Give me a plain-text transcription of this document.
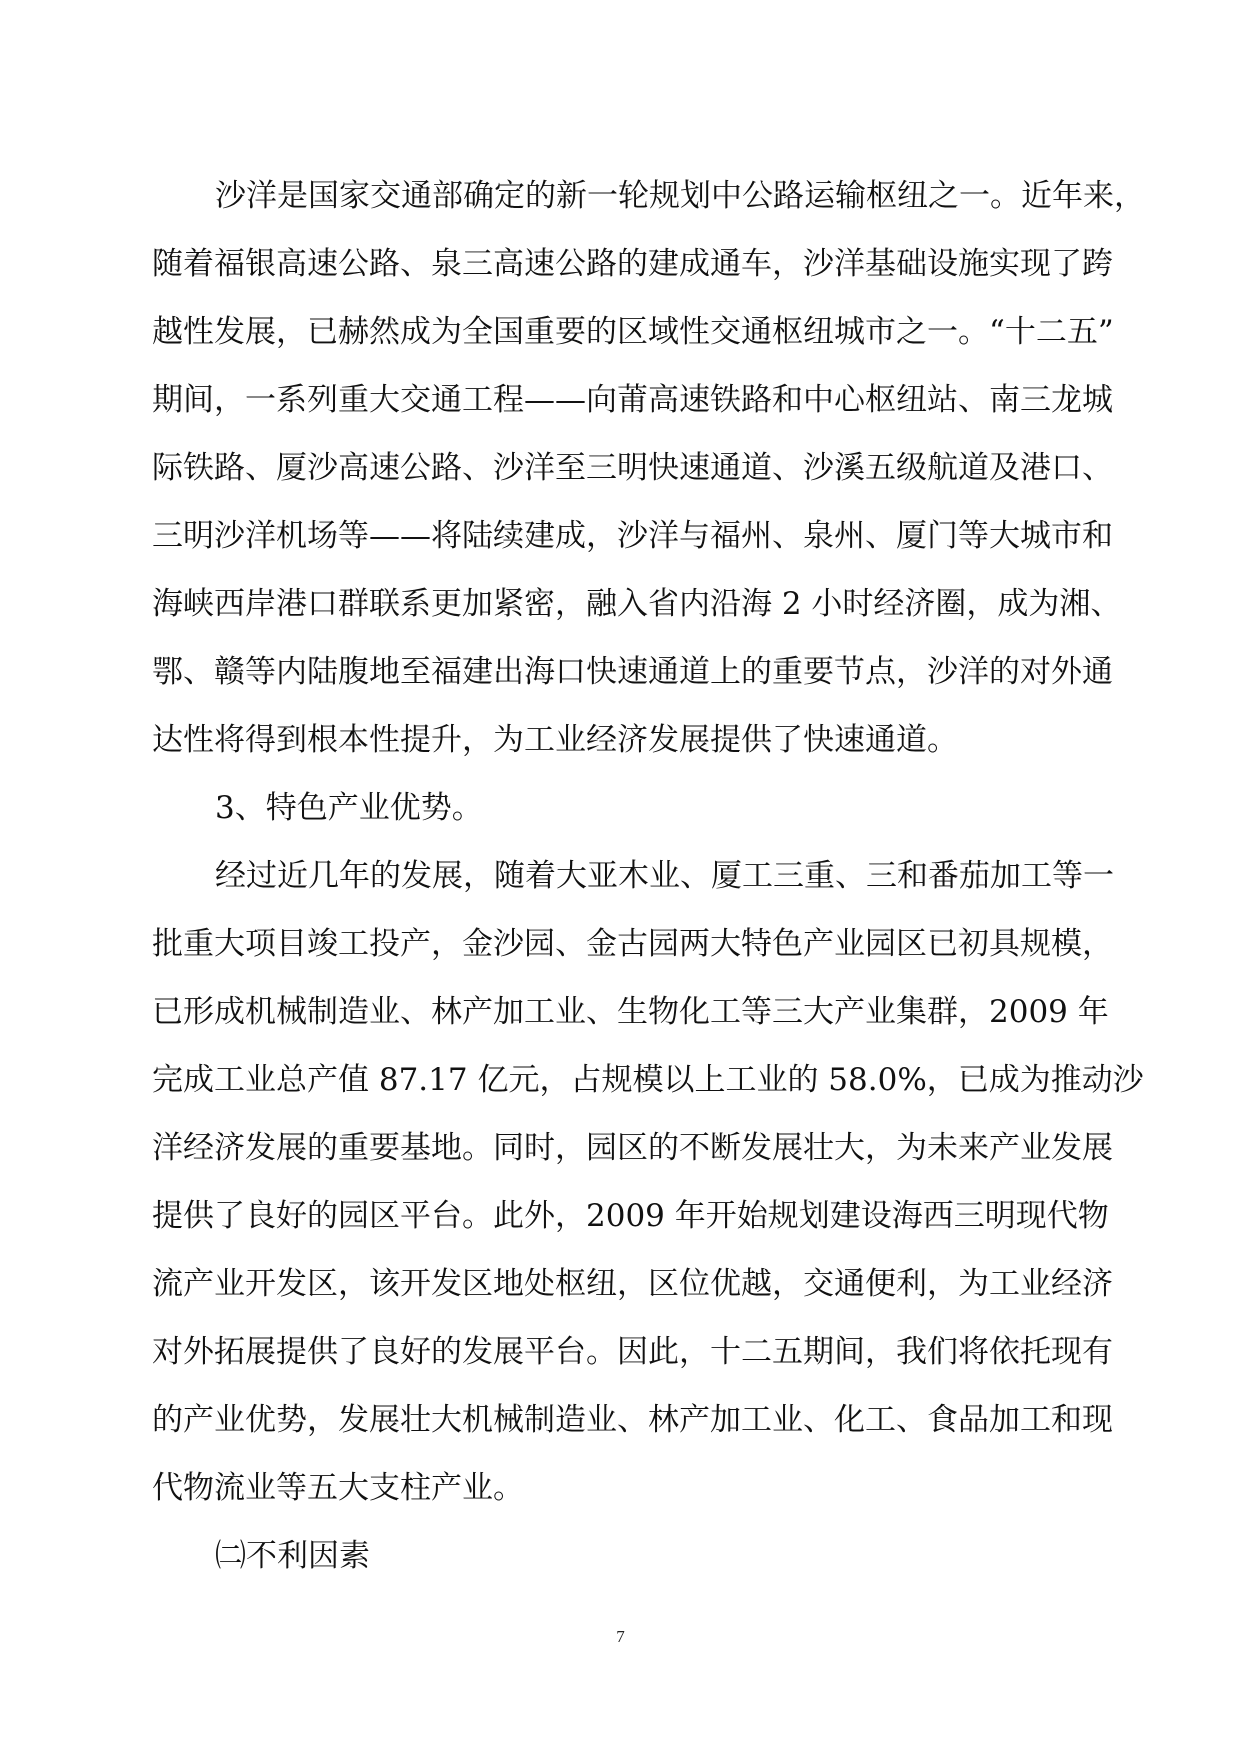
沙洋是国家交通部确定的新一轮规划中公路运输枢纽之一。近年来，
随着福银高速公路、泉三高速公路的建成通车，沙洋基础设施实现了跨
越性发展，已赫然成为全国重要的区域性交通枢纽城市之一。“十二五”
期间，一系列重大交通工程——向莆高速铁路和中心枢纽站、南三龙城
际铁路、厦沙高速公路、沙洋至三明快速通道、沙溪五级航道及港口、
三明沙洋机场等——将陆续建成，沙洋与福州、泉州、厦门等大城市和
海峡西岸港口群联系更加紧密，融入省内沿海 2 小时经济圈，成为湘、
鄂、赣等内陆腹地至福建出海口快速通道上的重要节点，沙洋的对外通
达性将得到根本性提升，为工业经济发展提供了快速通道。
3、特色产业优势。
经过近几年的发展，随着大亚木业、厦工三重、三和番茄加工等一
批重大项目竣工投产，金沙园、金古园两大特色产业园区已初具规模，
已形成机械制造业、林产加工业、生物化工等三大产业集群，2009 年
完成工业总产值 87.17 亿元，占规模以上工业的 58.0%，已成为推动沙
洋经济发展的重要基地。同时，园区的不断发展壮大，为未来产业发展
提供了良好的园区平台。此外，2009 年开始规划建设海西三明现代物
流产业开发区，该开发区地处枢纽，区位优越，交通便利，为工业经济
对外拓展提供了良好的发展平台。因此，十二五期间，我们将依托现有
的产业优势，发展壮大机械制造业、林产加工业、化工、食品加工和现
代物流业等五大支柱产业。
㈡不利因素
7
